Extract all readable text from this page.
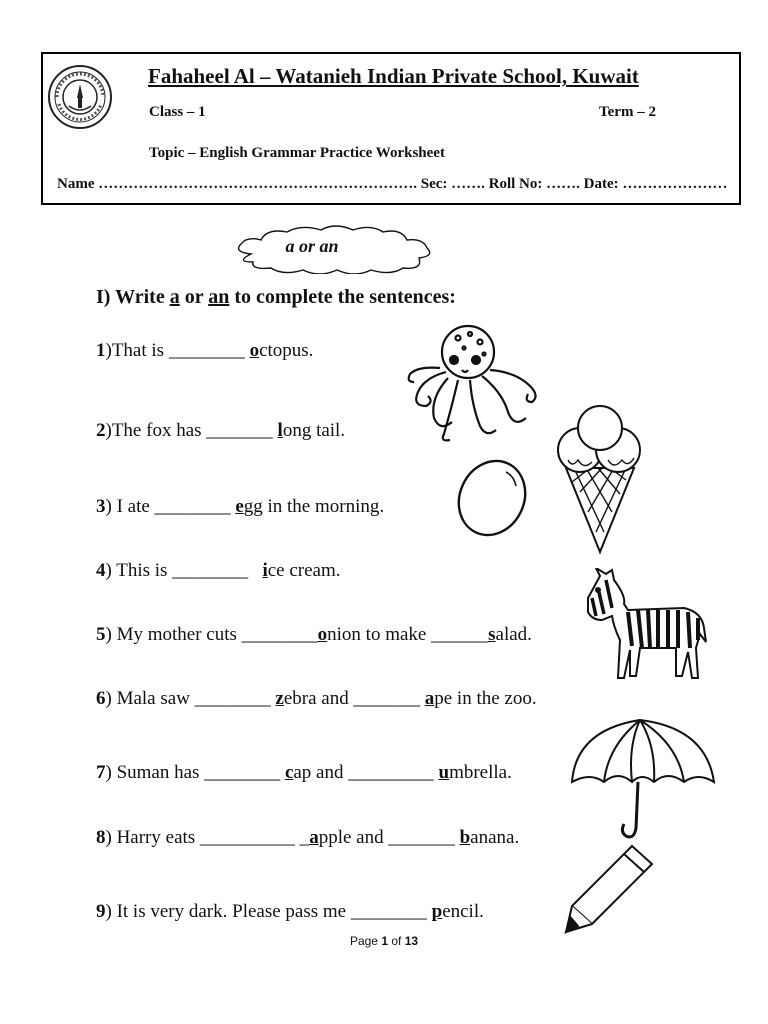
Fahaheel Al – Watanieh Indian Private School, Kuwait
Class – 1	Term – 2
Topic – English Grammar Practice Worksheet
Name ………………………………………………………. Sec: ……. Roll No: ……. Date: …………………
a or an
I) Write a or an to complete the sentences:
1)That is ________ octopus.
2)The fox has _______ long tail.
3) I ate ________ egg in the morning.
4) This is ________   ice cream.
5) My mother cuts ________onion to make ______salad.
6) Mala saw ________ zebra and _______ ape in the zoo.
7) Suman has ________ cap and _________ umbrella.
8) Harry eats __________ _apple and _______ banana.
9) It is very dark. Please pass me ________ pencil.
Page 1 of 13
